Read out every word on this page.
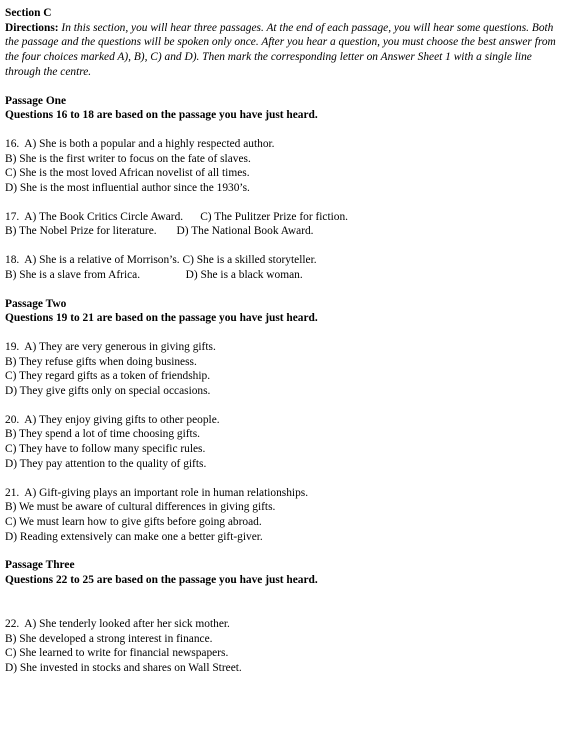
Section C

Directions: In this section, you will hear three passages. At the end of each passage, you will hear some questions. Both the passage and the questions will be spoken only once. After you hear a question, you must choose the best answer from the four choices marked A), B), C) and D). Then mark the corresponding letter on Answer Sheet 1 with a single line through the centre.

Passage One

Questions 16 to 18 are based on the passage you have just heard.

16.  A) She is both a popular and a highly respected author.

B) She is the first writer to focus on the fate of slaves.

C) She is the most loved African novelist of all times.

D) She is the most influential author since the 1930’s.

17.  A) The Book Critics Circle Award.      C) The Pulitzer Prize for fiction.

B) The Nobel Prize for literature.       D) The National Book Award.

18.  A) She is a relative of Morrison’s. C) She is a skilled storyteller.

B) She is a slave from Africa.                D) She is a black woman.

Passage Two

Questions 19 to 21 are based on the passage you have just heard.

19.  A) They are very generous in giving gifts.

B) They refuse gifts when doing business.

C) They regard gifts as a token of friendship.

D) They give gifts only on special occasions.

20.  A) They enjoy giving gifts to other people.

B) They spend a lot of time choosing gifts.

C) They have to follow many specific rules.

D) They pay attention to the quality of gifts.

21.  A) Gift-giving plays an important role in human relationships.

B) We must be aware of cultural differences in giving gifts.

C) We must learn how to give gifts before going abroad.

D) Reading extensively can make one a better gift-giver.

Passage Three

Questions 22 to 25 are based on the passage you have just heard.

22.  A) She tenderly looked after her sick mother.

B) She developed a strong interest in finance.

C) She learned to write for financial newspapers.

D) She invested in stocks and shares on Wall Street.
